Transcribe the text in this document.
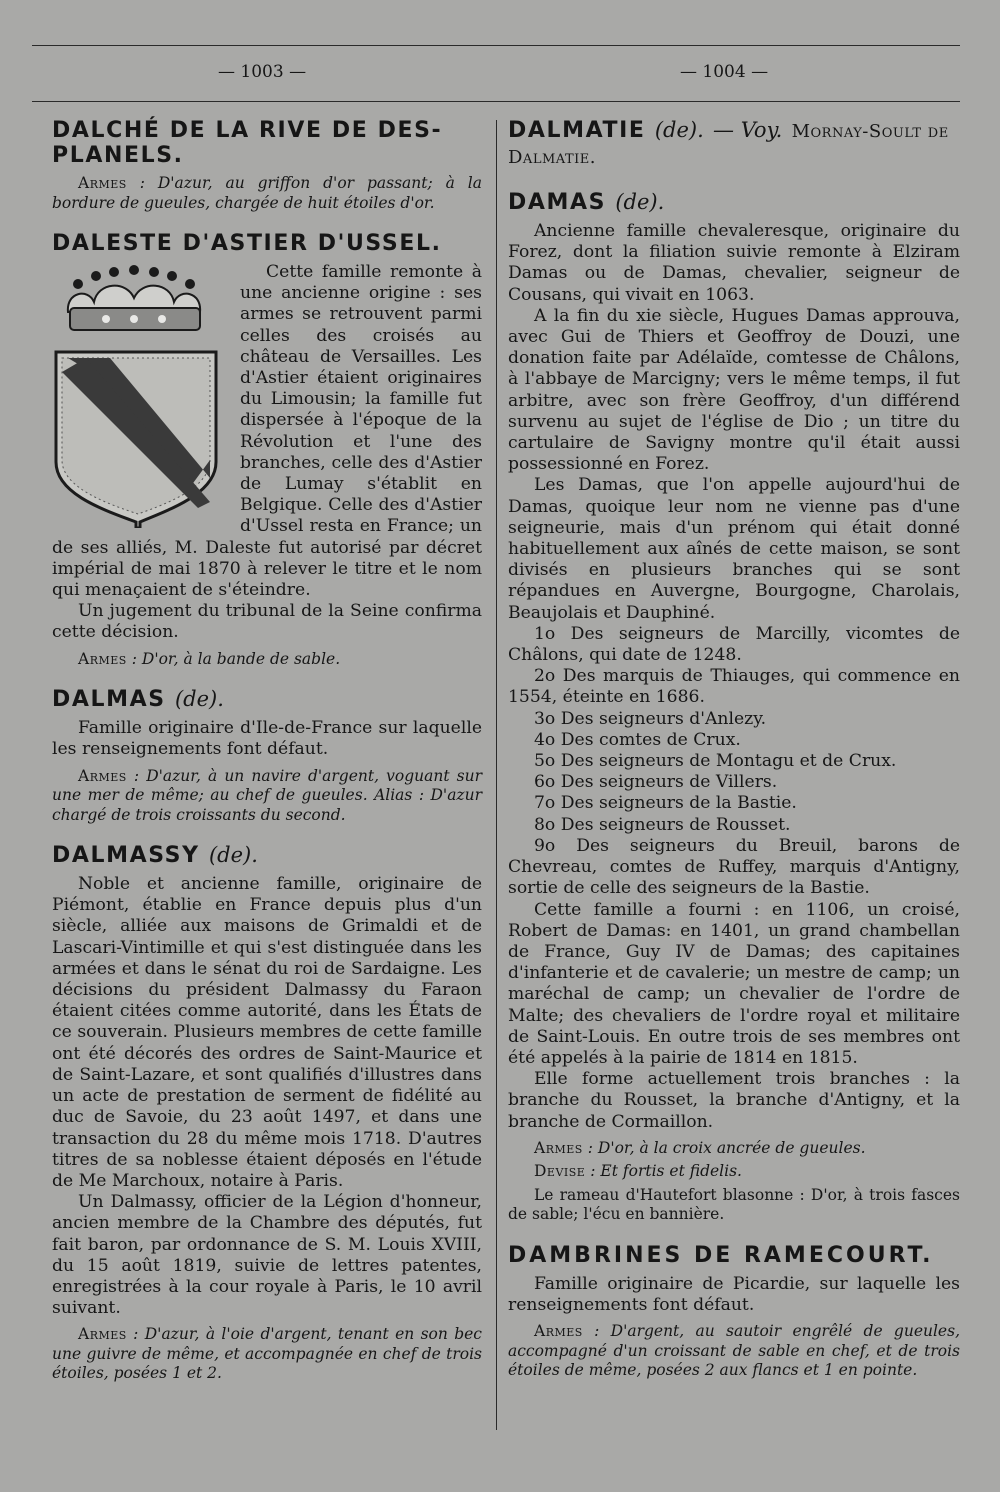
— 1003 —	— 1004 —
DALCHÉ DE LA RIVE DE DES-PLANELS.

Armes : D'azur, au griffon d'or passant; à la bordure de gueules, chargée de huit étoiles d'or.

DALESTE D'ASTIER D'USSEL.

Cette famille remonte à une ancienne origine : ses armes se retrouvent parmi celles des croisés au château de Versailles. Les d'Astier étaient originaires du Limousin; la famille fut dispersée à l'époque de la Révolution et l'une des branches, celle des d'Astier de Lumay s'établit en Belgique. Celle des d'Astier d'Ussel resta en France; un de ses alliés, M. Daleste fut autorisé par décret impérial de mai 1870 à relever le titre et le nom qui menaçaient de s'éteindre.

Un jugement du tribunal de la Seine confirma cette décision.

Armes : D'or, à la bande de sable.

DALMAS (de).

Famille originaire d'Ile-de-France sur laquelle les renseignements font défaut.

Armes : D'azur, à un navire d'argent, voguant sur une mer de même; au chef de gueules. Alias : D'azur chargé de trois croissants du second.

DALMASSY (de).

Noble et ancienne famille, originaire de Piémont, établie en France depuis plus d'un siècle, alliée aux maisons de Grimaldi et de Lascari-Vintimille et qui s'est distinguée dans les armées et dans le sénat du roi de Sardaigne. Les décisions du président Dalmassy du Faraon étaient citées comme autorité, dans les États de ce souverain. Plusieurs membres de cette famille ont été décorés des ordres de Saint-Maurice et de Saint-Lazare, et sont qualifiés d'illustres dans un acte de prestation de serment de fidélité au duc de Savoie, du 23 août 1497, et dans une transaction du 28 du même mois 1718. D'autres titres de sa noblesse étaient déposés en l'étude de Me Marchoux, notaire à Paris.

Un Dalmassy, officier de la Légion d'honneur, ancien membre de la Chambre des députés, fut fait baron, par ordonnance de S. M. Louis XVIII, du 15 août 1819, suivie de lettres patentes, enregistrées à la cour royale à Paris, le 10 avril suivant.

Armes : D'azur, à l'oie d'argent, tenant en son bec une guivre de même, et accompagnée en chef de trois étoiles, posées 1 et 2.

DALMATIE (de). — Voy. Mornay-Soult de Dalmatie.
DAMAS (de).

Ancienne famille chevaleresque, originaire du Forez, dont la filiation suivie remonte à Elziram Damas ou de Damas, chevalier, seigneur de Cousans, qui vivait en 1063.

A la fin du xie siècle, Hugues Damas approuva, avec Gui de Thiers et Geoffroy de Douzi, une donation faite par Adélaïde, comtesse de Châlons, à l'abbaye de Marcigny; vers le même temps, il fut arbitre, avec son frère Geoffroy, d'un différend survenu au sujet de l'église de Dio ; un titre du cartulaire de Savigny montre qu'il était aussi possessionné en Forez.

Les Damas, que l'on appelle aujourd'hui de Damas, quoique leur nom ne vienne pas d'une seigneurie, mais d'un prénom qui était donné habituellement aux aînés de cette maison, se sont divisés en plusieurs branches qui se sont répandues en Auvergne, Bourgogne, Charolais, Beaujolais et Dauphiné.

1o Des seigneurs de Marcilly, vicomtes de Châlons, qui date de 1248.

2o Des marquis de Thiauges, qui commence en 1554, éteinte en 1686.

3o Des seigneurs d'Anlezy.

4o Des comtes de Crux.

5o Des seigneurs de Montagu et de Crux.

6o Des seigneurs de Villers.

7o Des seigneurs de la Bastie.

8o Des seigneurs de Rousset.

9o Des seigneurs du Breuil, barons de Chevreau, comtes de Ruffey, marquis d'Antigny, sortie de celle des seigneurs de la Bastie.

Cette famille a fourni : en 1106, un croisé, Robert de Damas: en 1401, un grand chambellan de France, Guy IV de Damas; des capitaines d'infanterie et de cavalerie; un mestre de camp; un maréchal de camp; un chevalier de l'ordre de Malte; des chevaliers de l'ordre royal et militaire de Saint-Louis. En outre trois de ses membres ont été appelés à la pairie de 1814 en 1815.

Elle forme actuellement trois branches : la branche du Rousset, la branche d'Antigny, et la branche de Cormaillon.

Armes : D'or, à la croix ancrée de gueules.

Devise : Et fortis et fidelis.

Le rameau d'Hautefort blasonne : D'or, à trois fasces de sable; l'écu en bannière.

DAMBRINES DE RAMECOURT.

Famille originaire de Picardie, sur laquelle les renseignements font défaut.

Armes : D'argent, au sautoir engrêlé de gueules, accompagné d'un croissant de sable en chef, et de trois étoiles de même, posées 2 aux flancs et 1 en pointe.
